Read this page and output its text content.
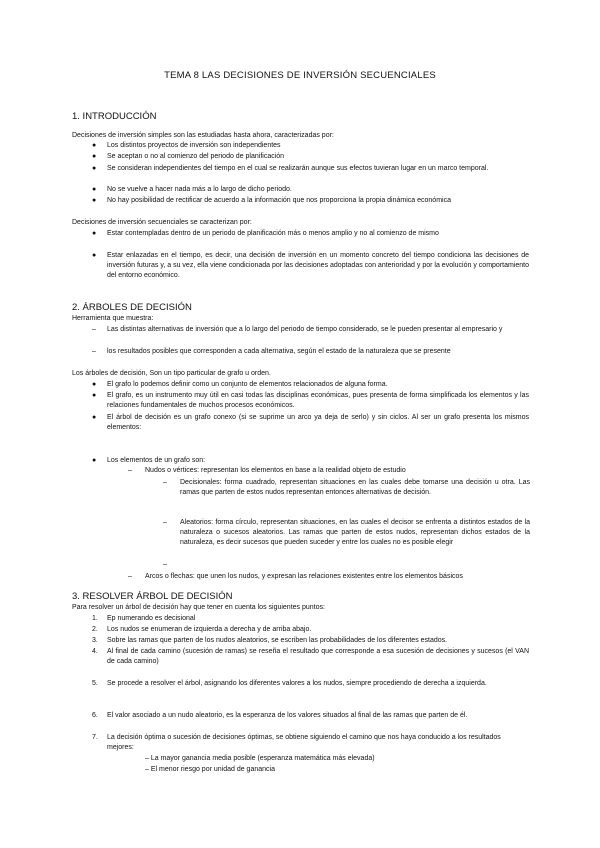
TEMA 8 LAS DECISIONES DE INVERSIÓN SECUENCIALES
1. INTRODUCCIÓN
Decisiones de inversión simples son las estudiadas hasta ahora, caracterizadas por:
● Los distintos proyectos de inversión son independientes
● Se aceptan o no al comienzo del periodo de planificación
● Se consideran independientes del tiempo en el cual se realizarán aunque sus efectos tuvieran lugar en un marco temporal.
● No se vuelve a hacer nada más a lo largo de dicho periodo.
● No hay posibilidad de rectificar de acuerdo a la información que nos proporciona la propia dinámica económica
Decisiones de inversión secuenciales se caracterizan por:
● Estar contempladas dentro de un periodo de planificación más o menos amplio y no al comienzo de mismo
● Estar enlazadas en el tiempo, es decir, una decisión de inversión en un momento concreto del tiempo condiciona las decisiones de inversión futuras y, a su vez, ella viene condicionada por las decisiones adoptadas con anterioridad y por la evolución y comportamiento del entorno económico.
2. ÁRBOLES DE DECISIÓN
Herramienta que muestra:
– Las distintas alternativas de inversión que a lo largo del periodo de tiempo considerado, se le pueden presentar al empresario y
– los resultados posibles que corresponden a cada alternativa, según el estado de la naturaleza que se presente
Los árboles de decisión, Son un tipo particular de grafo u orden.
● El grafo lo podemos definir como un conjunto de elementos relacionados de alguna forma.
● El grafo, es un instrumento muy útil en casi todas las disciplinas económicas, pues presenta de forma simplificada los elementos y las relaciones fundamentales de muchos procesos económicos.
● El árbol de decisión es un grafo conexo (si se suprime un arco ya deja de serlo) y sin ciclos. Al ser un grafo presenta los mismos elementos:
● Los elementos de un grafo son:
– Nudos o vértices: representan los elementos en base a la realidad objeto de estudio
– Decisionales: forma cuadrado, representan situaciones en las cuales debe tomarse una decisión u otra. Las ramas que parten de estos nudos representan entonces alternativas de decisión.
– Aleatorios: forma círculo, representan situaciones, en las cuales el decisor se enfrenta a distintos estados de la naturaleza o sucesos aleatorios. Las ramas que parten de estos nudos, representan dichos estados de la naturaleza, es decir sucesos que pueden suceder y entre los cuales no es posible elegir
–
– Arcos o flechas: que unen los nudos, y expresan las relaciones existentes entre los elementos básicos
3. RESOLVER ÁRBOL DE DECISIÓN
Para resolver un árbol de decisión hay que tener en cuenta los siguientes puntos:
1. Ep numerando es decisional
2. Los nudos se enumeran de izquierda a derecha y de arriba abajo.
3. Sobre las ramas que parten de los nudos aleatorios, se escriben las probabilidades de los diferentes estados.
4. Al final de cada camino (sucesión de ramas) se reseña el resultado que corresponde a esa sucesión de decisiones y sucesos (el VAN de cada camino)
5. Se procede a resolver el árbol, asignando los diferentes valores a los nudos, siempre procediendo de derecha a izquierda.
6. El valor asociado a un nudo aleatorio, es la esperanza de los valores situados al final de las ramas que parten de él.
7. La decisión óptima o sucesión de decisiones óptimas, se obtiene siguiendo el camino que nos haya conducido a los resultados mejores:
– La mayor ganancia media posible (esperanza matemática más elevada)
– El menor riesgo por unidad de ganancia
